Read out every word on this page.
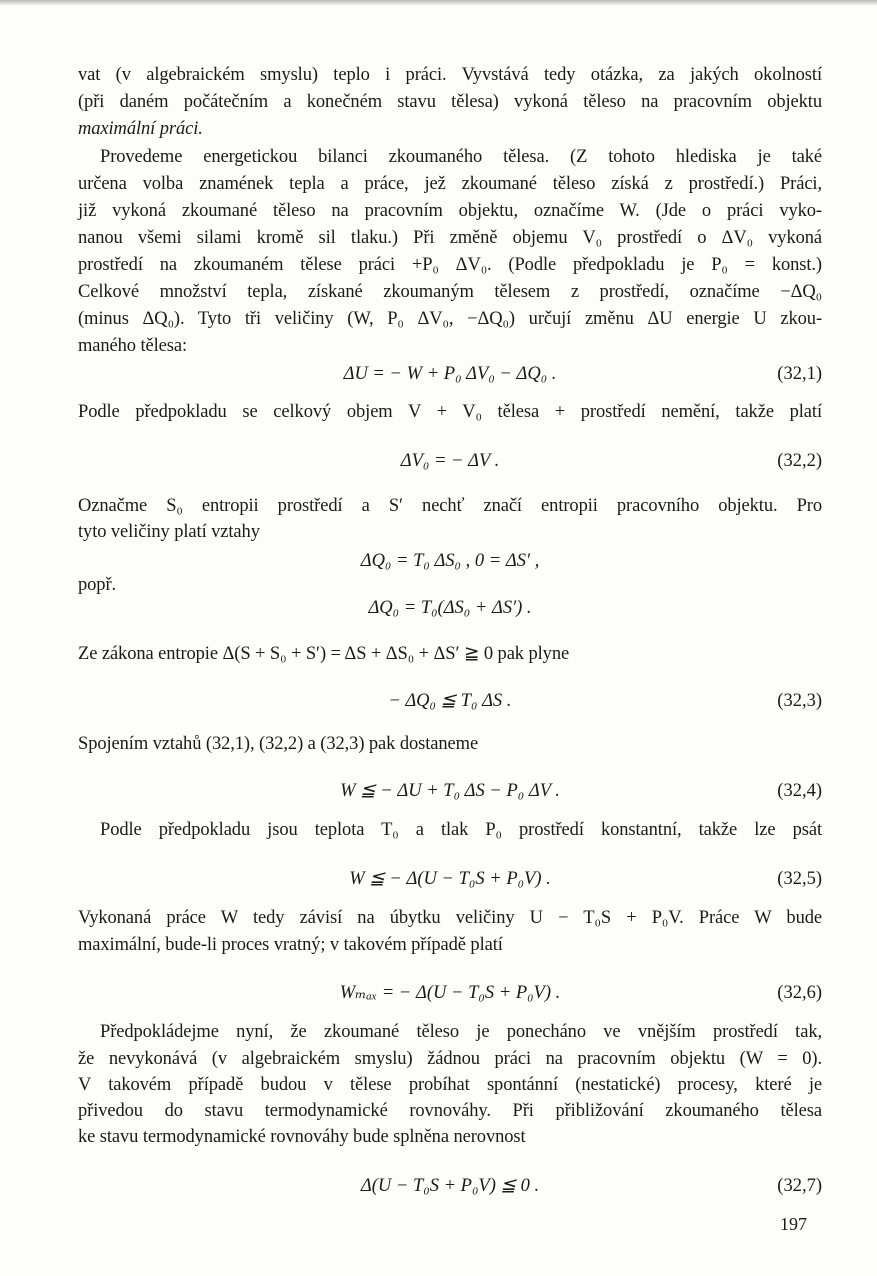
vat (v algebraickém smyslu) teplo i práci. Vyvstává tedy otázka, za jakých okolností
(při daném počátečním a konečném stavu tělesa) vykoná těleso na pracovním objektu
maximální práci.
Provedeme energetickou bilanci zkoumaného tělesa. (Z tohoto hlediska je také
určena volba znamének tepla a práce, jež zkoumané těleso získá z prostředí.) Práci,
již vykoná zkoumané těleso na pracovním objektu, označíme W. (Jde o práci vyko-
nanou všemi silami kromě sil tlaku.) Při změně objemu V₀ prostředí o ΔV₀ vykoná
prostředí na zkoumaném tělese práci +P₀ ΔV₀. (Podle předpokladu je P₀ = konst.)
Celkové množství tepla, získané zkoumaným tělesem z prostředí, označíme −ΔQ₀
(minus ΔQ₀). Tyto tři veličiny (W, P₀ ΔV₀, −ΔQ₀) určují změnu ΔU energie U zkou-
maného tělesa:
ΔU = − W + P₀ ΔV₀ − ΔQ₀ .	(32,1)
Podle předpokladu se celkový objem V + V₀ tělesa + prostředí nemění, takže platí
ΔV₀ = − ΔV .	(32,2)
Označme S₀ entropii prostředí a S′ nechť značí entropii pracovního objektu. Pro
tyto veličiny platí vztahy
ΔQ₀ = T₀ ΔS₀ , 0 = ΔS′ ,
popř.
ΔQ₀ = T₀(ΔS₀ + ΔS′) .
Ze zákona entropie Δ(S + S₀ + S′) = ΔS + ΔS₀ + ΔS′ ≧ 0 pak plyne
− ΔQ₀ ≦ T₀ ΔS .	(32,3)
Spojením vztahů (32,1), (32,2) a (32,3) pak dostaneme
W ≦ − ΔU + T₀ ΔS − P₀ ΔV .	(32,4)
Podle předpokladu jsou teplota T₀ a tlak P₀ prostředí konstantní, takže lze psát
W ≦ − Δ(U − T₀S + P₀V) .	(32,5)
Vykonaná práce W tedy závisí na úbytku veličiny U − T₀S + P₀V. Práce W bude
maximální, bude-li proces vratný; v takovém případě platí
Wₘₐₓ = − Δ(U − T₀S + P₀V) .	(32,6)
Předpokládejme nyní, že zkoumané těleso je ponecháno ve vnějším prostředí tak,
že nevykonává (v algebraickém smyslu) žádnou práci na pracovním objektu (W = 0).
V takovém případě budou v tělese probíhat spontánní (nestatické) procesy, které je
přivedou do stavu termodynamické rovnováhy. Při přibližování zkoumaného tělesa
ke stavu termodynamické rovnováhy bude splněna nerovnost
Δ(U − T₀S + P₀V) ≦ 0 .	(32,7)
197
